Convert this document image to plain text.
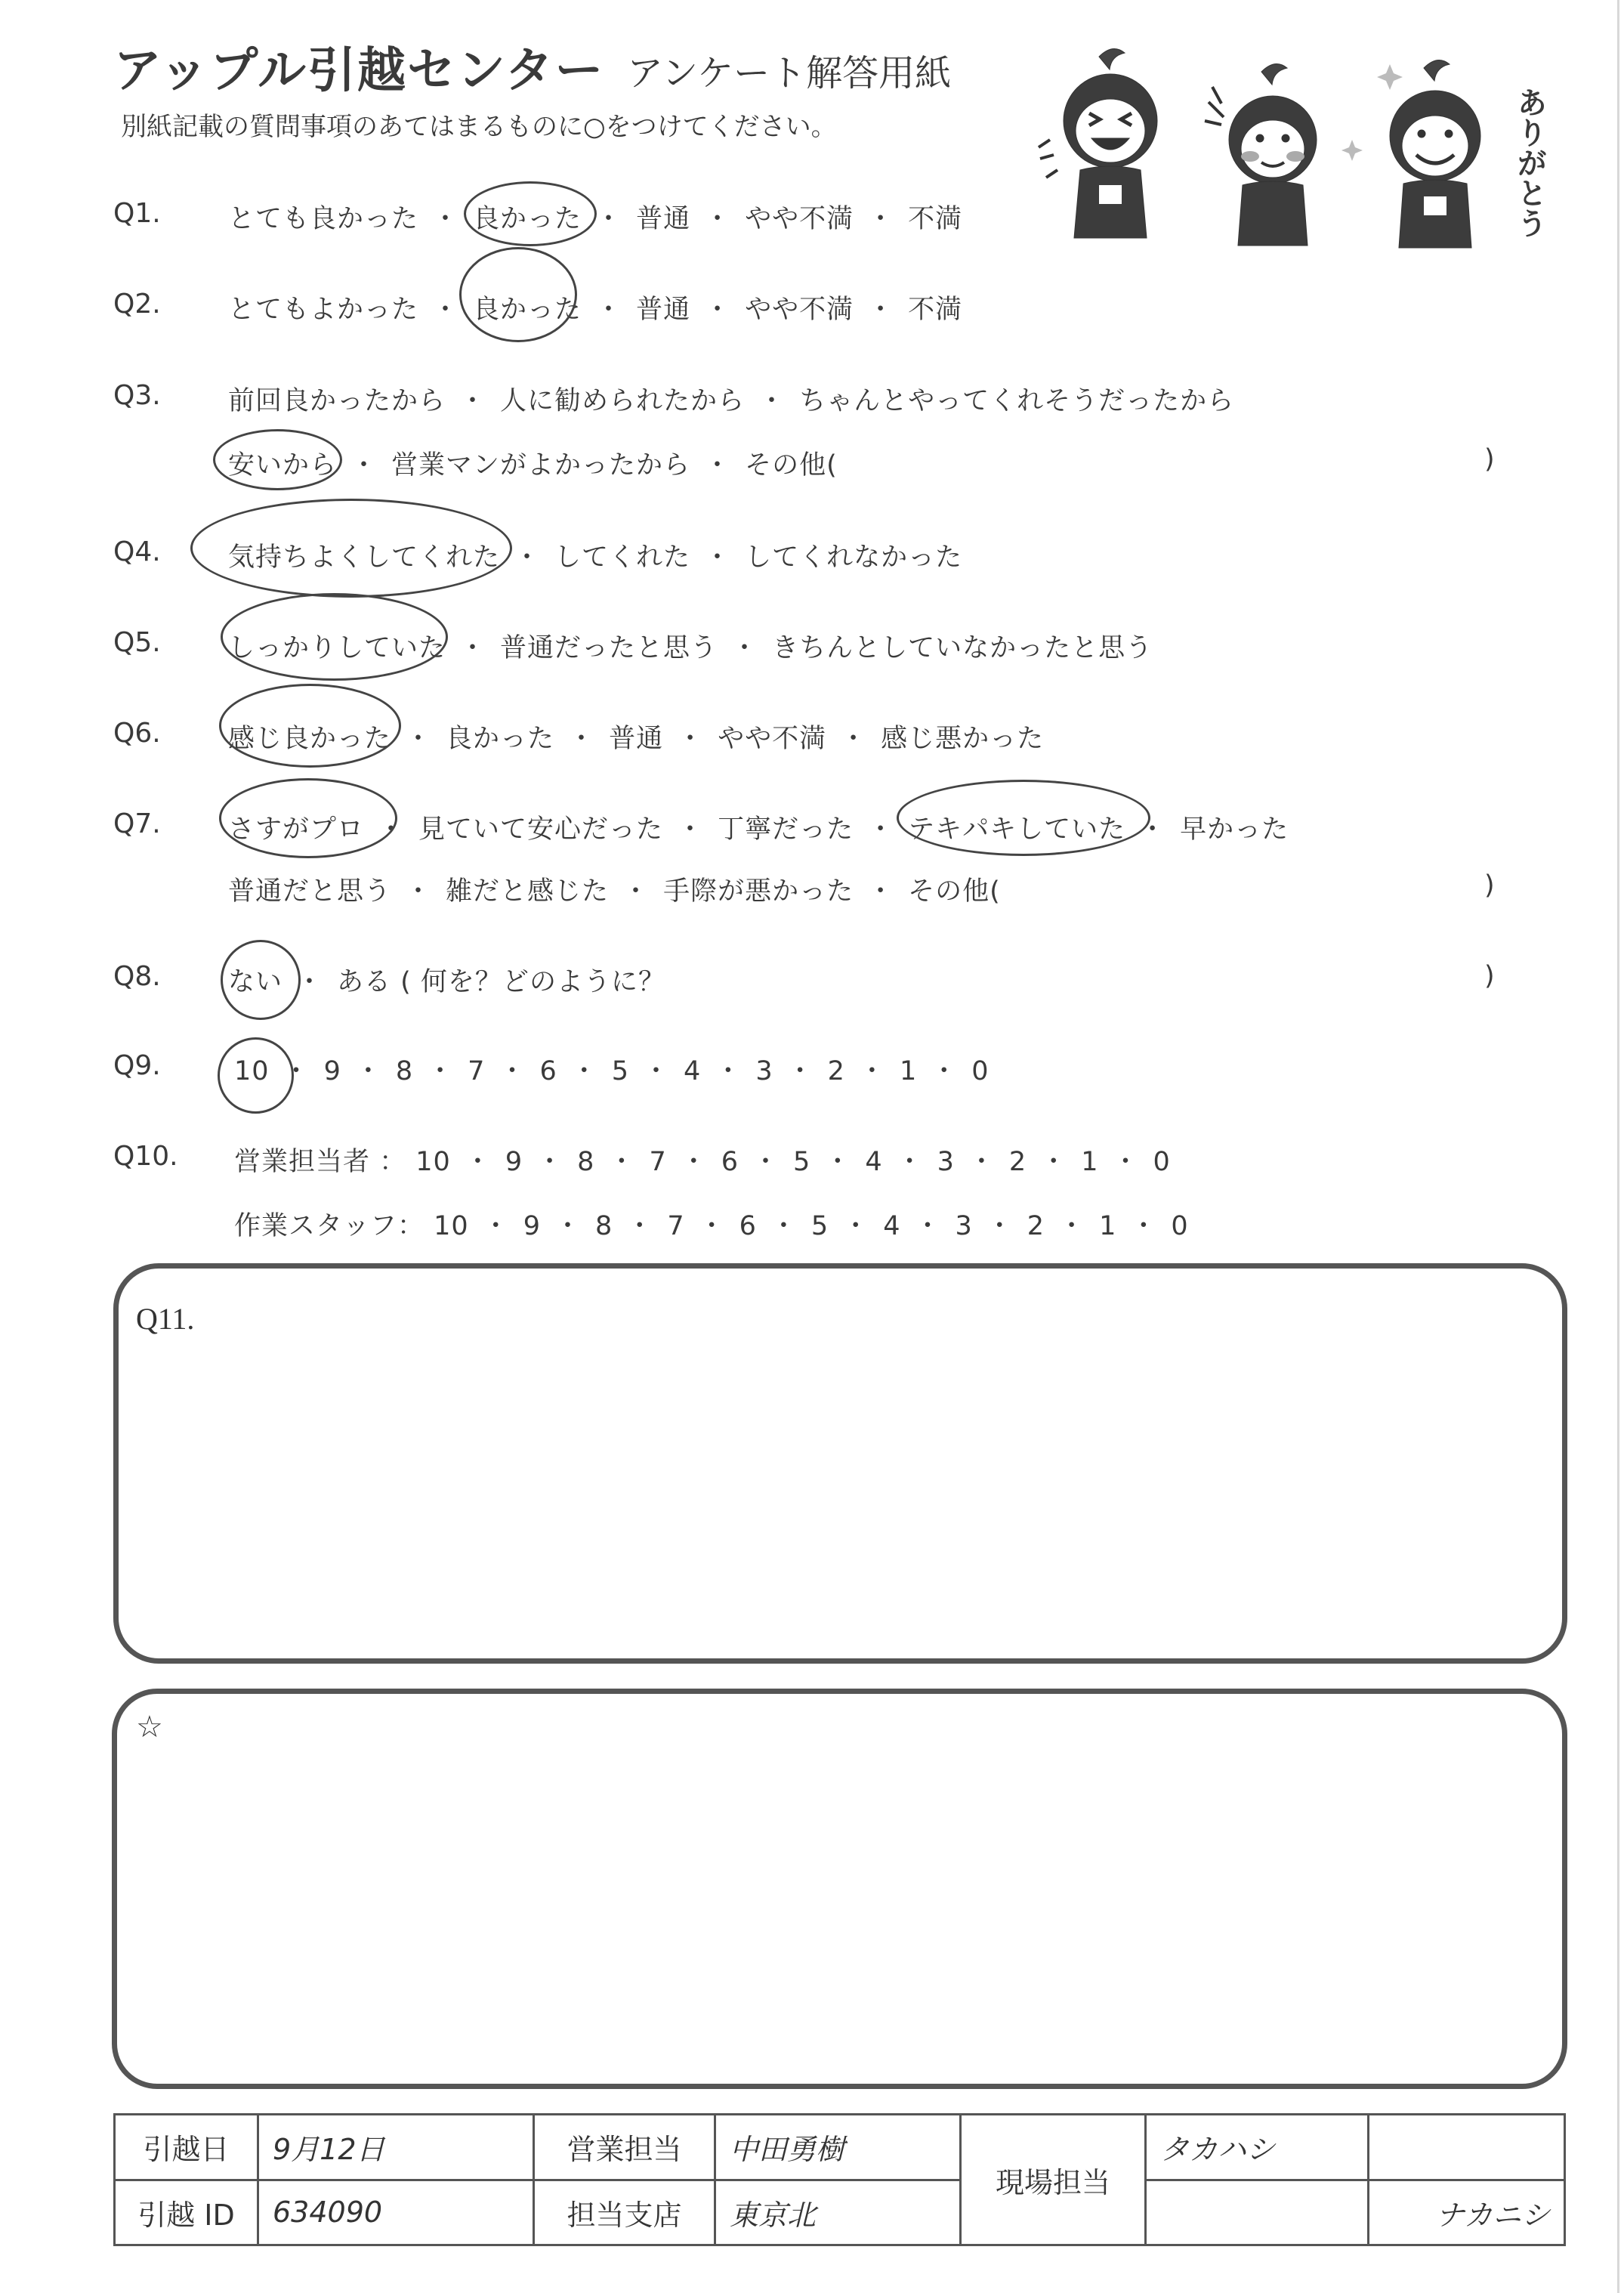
アップル引越センター アンケート解答用紙
別紙記載の質問事項のあてはまるものに○をつけてください。	ありがとう
Q1.	とても良かった ・ 良かった ・ 普通 ・ やや不満 ・ 不満
Q2.	とてもよかった ・ 良かった ・ 普通 ・ やや不満 ・ 不満
Q3.	前回良かったから ・ 人に勧められたから ・ ちゃんとやってくれそうだったから
安いから ・ 営業マンがよかったから ・ その他(	)
Q4.	気持ちよくしてくれた ・ してくれた ・ してくれなかった
Q5.	しっかりしていた ・ 普通だったと思う ・ きちんとしていなかったと思う
Q6.	感じ良かった ・ 良かった ・ 普通 ・ やや不満 ・ 感じ悪かった
Q7.	さすがプロ ・ 見ていて安心だった ・ 丁寧だった ・ テキパキしていた ・ 早かった
普通だと思う ・ 雑だと感じた ・ 手際が悪かった ・ その他(	)
Q8.	ない ・ ある ( 何を？どのように？	)
Q9.	10 ・ 9 ・ 8 ・ 7 ・ 6 ・ 5 ・ 4 ・ 3 ・ 2 ・ 1 ・ 0
Q10. 営業担当者 ： 10 ・ 9 ・ 8 ・ 7 ・ 6 ・ 5 ・ 4 ・ 3 ・ 2 ・ 1 ・ 0
作業スタッフ： 10 ・ 9 ・ 8 ・ 7 ・ 6 ・ 5 ・ 4 ・ 3 ・ 2 ・ 1 ・ 0
Q11.
☆
引越日	9月12日	営業担当	中田勇樹	現場担当	タカハシ	
引越 ID	634090	担当支店	東京北			ナカニシ
